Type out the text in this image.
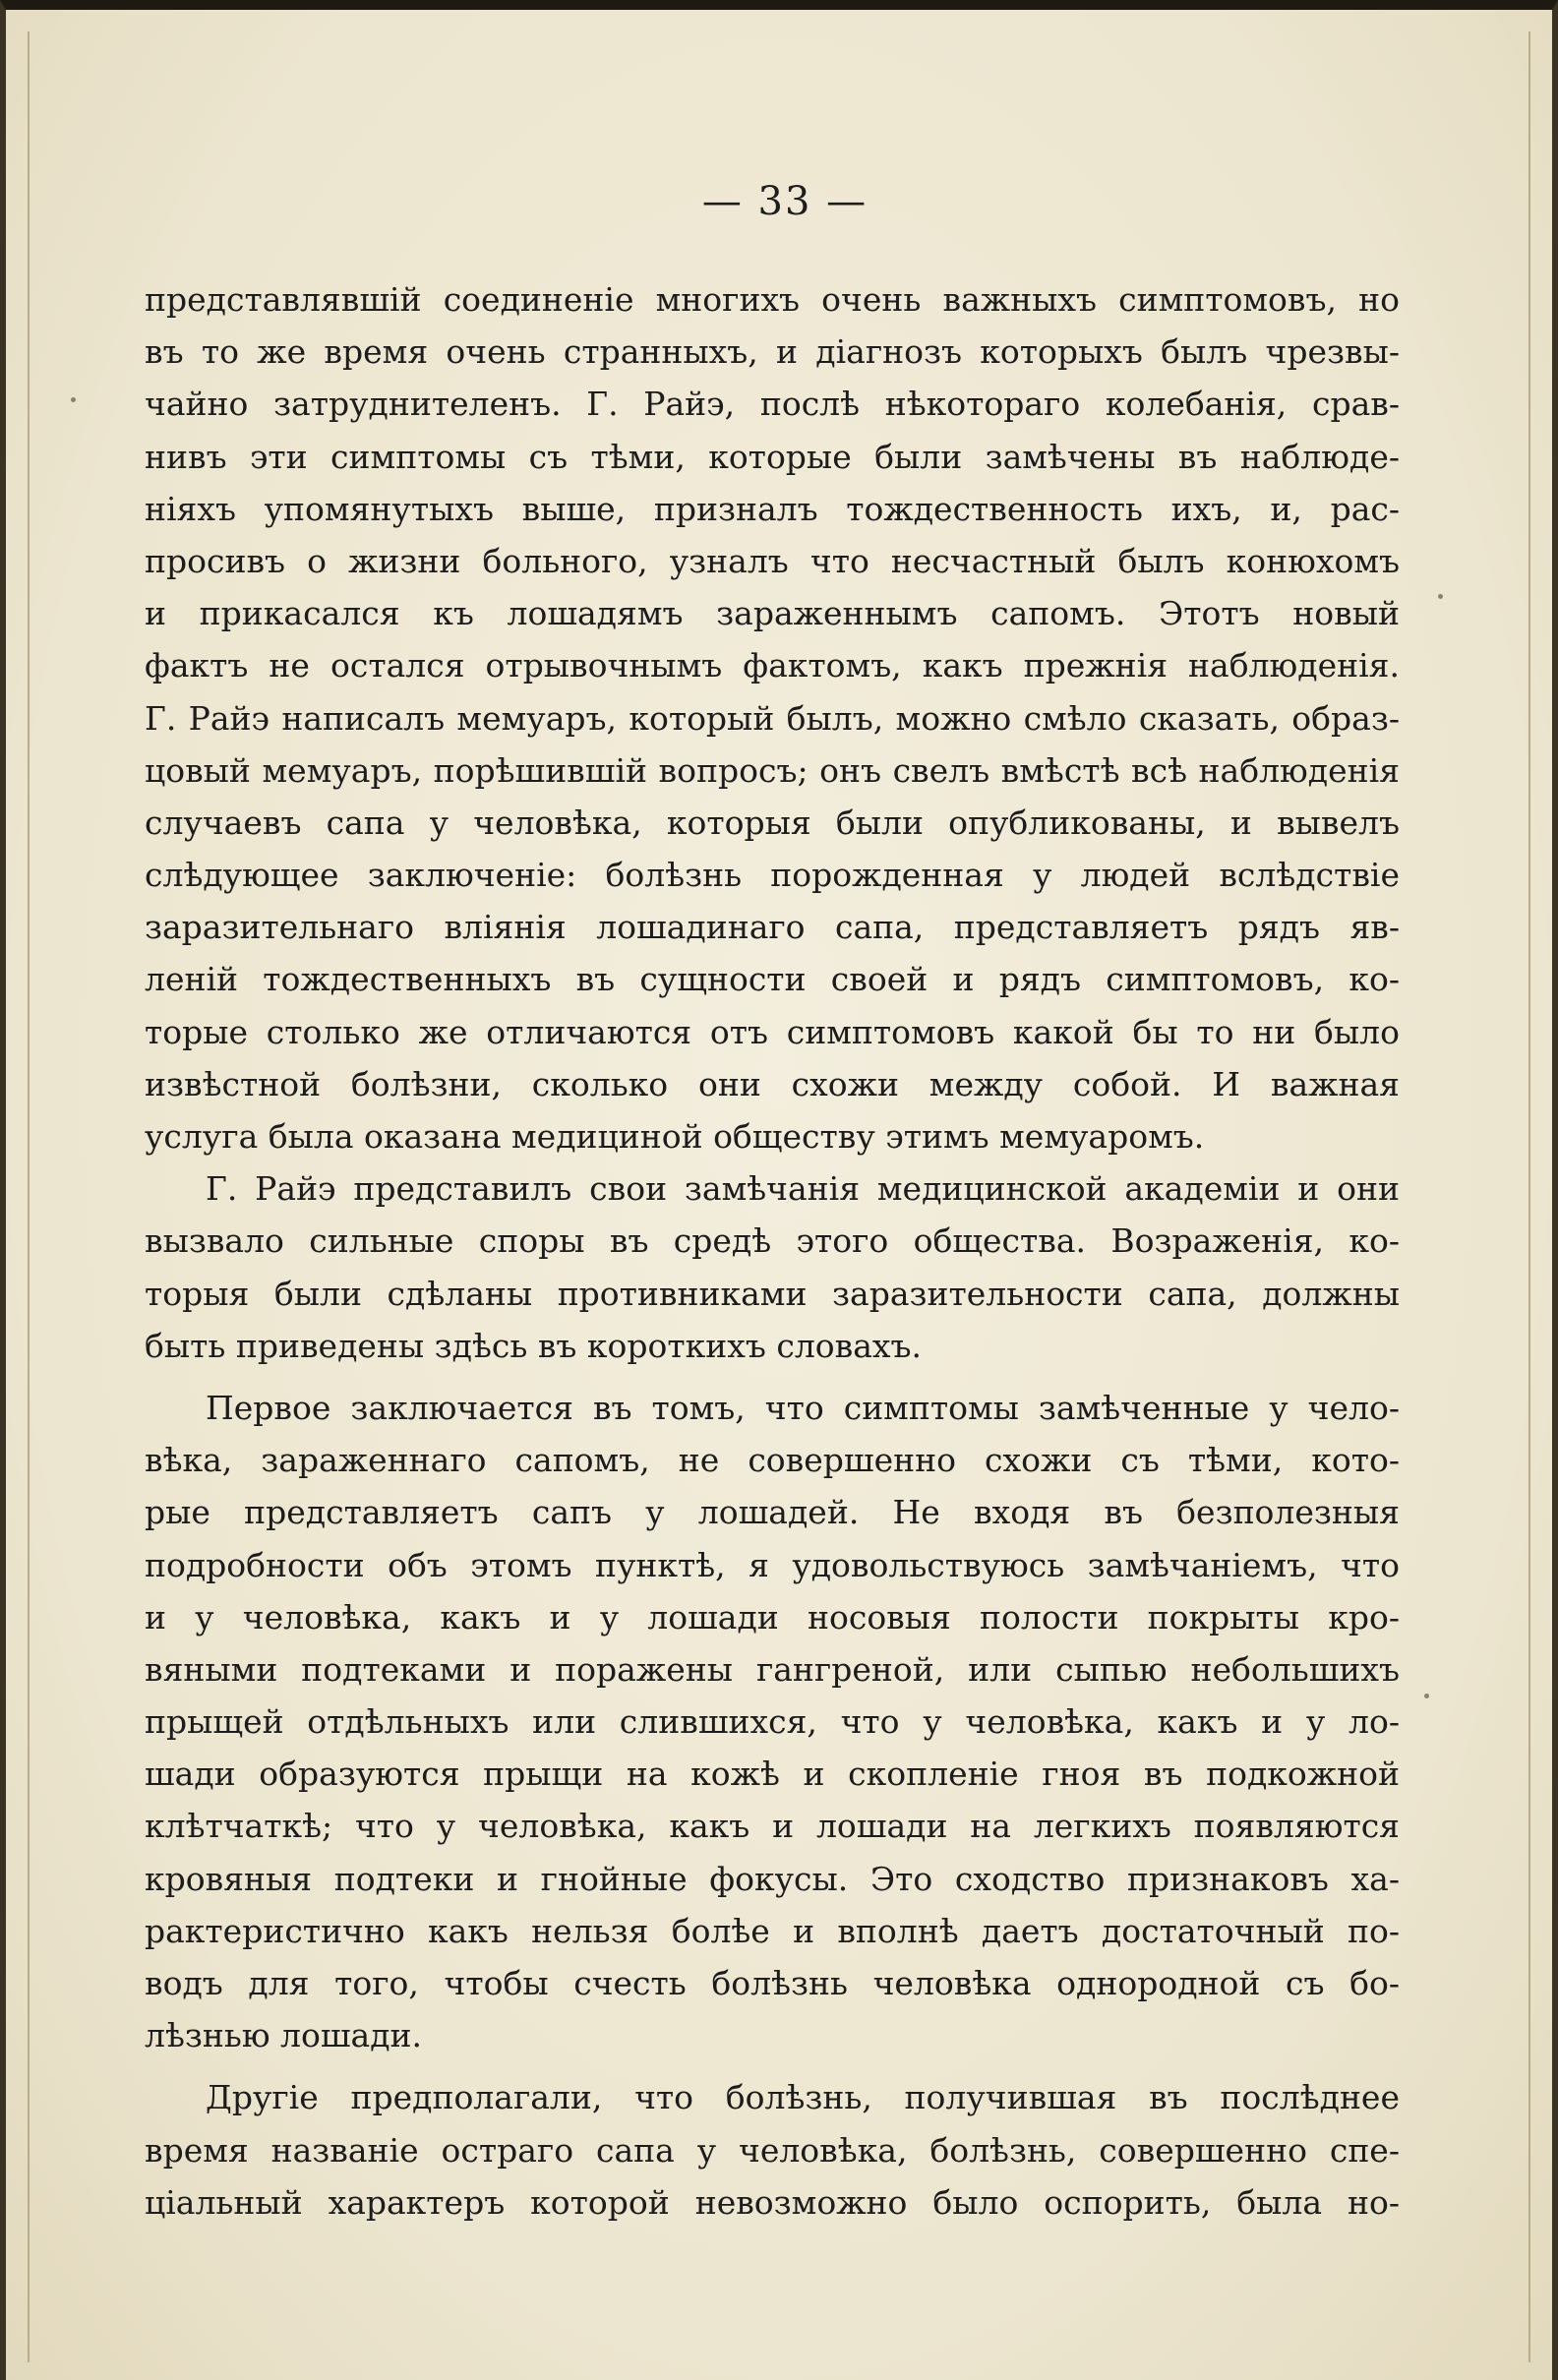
— 33 —
представлявшій соединеніе многихъ очень важныхъ симптомовъ, но
въ то же время очень странныхъ, и діагнозъ которыхъ былъ чрезвы-
чайно затруднителенъ. Г. Райэ, послѣ нѣкотораго колебанія, срав-
нивъ эти симптомы съ тѣми, которые были замѣчены въ наблюде-
ніяхъ упомянутыхъ выше, призналъ тождественность ихъ, и, рас-
просивъ о жизни больного, узналъ что несчастный былъ конюхомъ
и прикасался къ лошадямъ зараженнымъ сапомъ. Этотъ новый
фактъ не остался отрывочнымъ фактомъ, какъ прежнія наблюденія.
Г. Райэ написалъ мемуаръ, который былъ, можно смѣло сказать, образ-
цовый мемуаръ, порѣшившій вопросъ; онъ свелъ вмѣстѣ всѣ наблюденія
случаевъ сапа у человѣка, которыя были опубликованы, и вывелъ
слѣдующее заключеніе: болѣзнь порожденная у людей вслѣдствіе
заразительнаго вліянія лошадинаго сапа, представляетъ рядъ яв-
леній тождественныхъ въ сущности своей и рядъ симптомовъ, ко-
торые столько же отличаются отъ симптомовъ какой бы то ни было
извѣстной болѣзни, сколько они схожи между собой. И важная
услуга была оказана медициной обществу этимъ мемуаромъ.
Г. Райэ представилъ свои замѣчанія медицинской академіи и они
вызвало сильные споры въ средѣ этого общества. Возраженія, ко-
торыя были сдѣланы противниками заразительности сапа, должны
быть приведены здѣсь въ короткихъ словахъ.
Первое заключается въ томъ, что симптомы замѣченные у чело-
вѣка, зараженнаго сапомъ, не совершенно схожи съ тѣми, кото-
рые представляетъ сапъ у лошадей. Не входя въ безполезныя
подробности объ этомъ пунктѣ, я удовольствуюсь замѣчаніемъ, что
и у человѣка, какъ и у лошади носовыя полости покрыты кро-
вяными подтеками и поражены гангреной, или сыпью небольшихъ
прыщей отдѣльныхъ или слившихся, что у человѣка, какъ и у ло-
шади образуются прыщи на кожѣ и скопленіе гноя въ подкожной
клѣтчаткѣ; что у человѣка, какъ и лошади на легкихъ появляются
кровяныя подтеки и гнойные фокусы. Это сходство признаковъ ха-
рактеристично какъ нельзя болѣе и вполнѣ даетъ достаточный по-
водъ для того, чтобы счесть болѣзнь человѣка однородной съ бо-
лѣзнью лошади.
Другіе предполагали, что болѣзнь, получившая въ послѣднее
время названіе остраго сапа у человѣка, болѣзнь, совершенно спе-
ціальный характеръ которой невозможно было оспорить, была но-
